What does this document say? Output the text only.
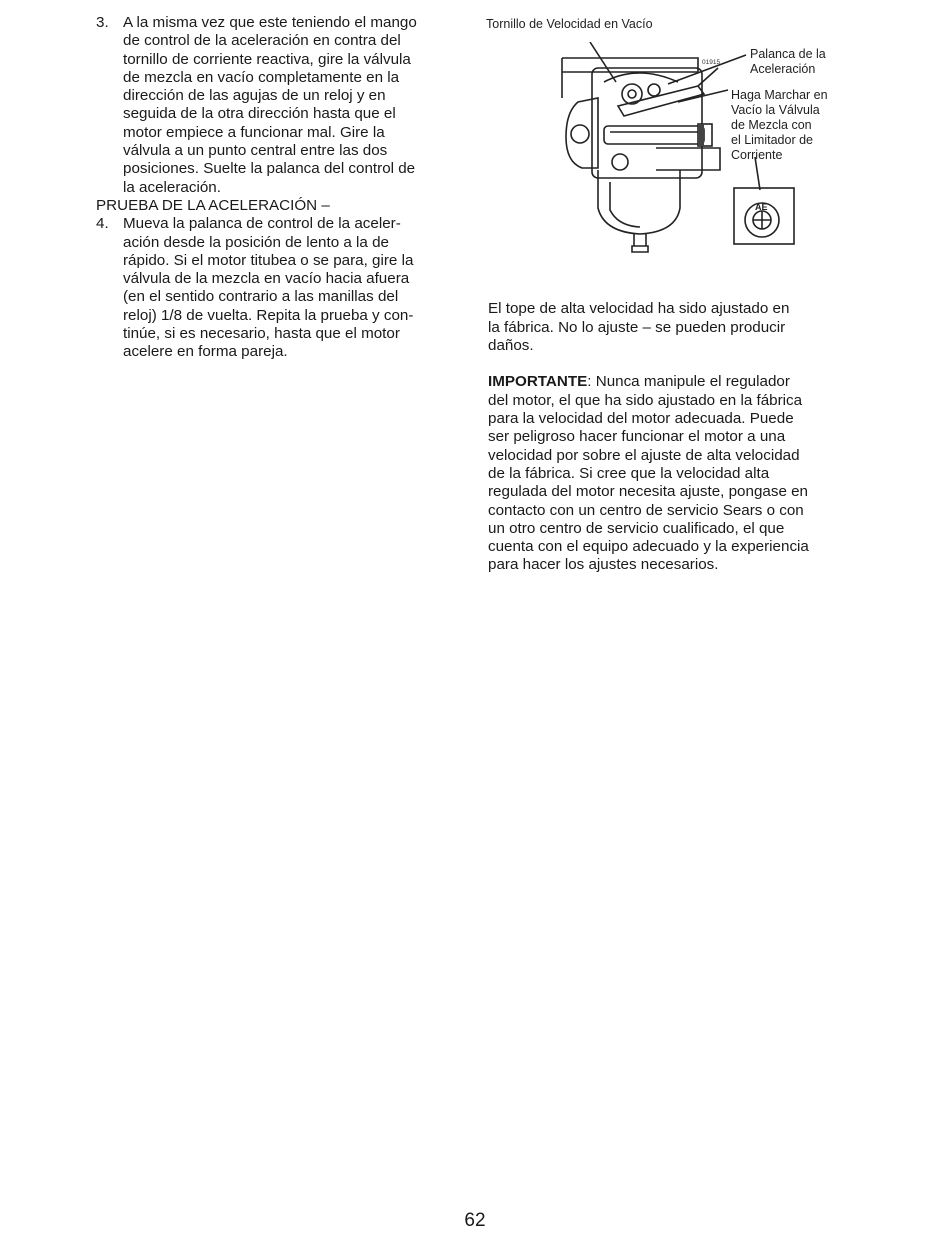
3. A la misma vez que este teniendo el mango
de control de la aceleración en contra del
tornillo de corriente reactiva, gire la válvula
de mezcla en vacío completamente en la
dirección de las agujas de un reloj y en
seguida de la otra dirección hasta que el
motor empiece a funcionar mal. Gire la
válvula a un punto central entre las dos
posiciones. Suelte la palanca del control de
la aceleración.
PRUEBA DE LA ACELERACIÓN –
4. Mueva la palanca de control de la aceler-
ación desde la posición de lento a la de
rápido. Si el motor titubea o se para, gire la
válvula de la mezcla en vacío hacia afuera
(en el sentido contrario a las manillas del
reloj) 1/8 de vuelta. Repita la prueba y con-
tinúe, si es necesario, hasta que el motor
acelere en forma pareja.
Tornillo de Velocidad en Vacío
Palanca de la
Aceleración
Haga Marchar en
Vacío la Válvula
de Mezcla con
el Limitador de
Corriente
01915
AE

El tope de alta velocidad ha sido ajustado en
la fábrica. No lo ajuste – se pueden producir
daños.

IMPORTANTE: Nunca manipule el regulador
del motor, el que ha sido ajustado en la fábrica
para la velocidad del motor adecuada. Puede
ser peligroso hacer funcionar el motor a una
velocidad por sobre el ajuste de alta velocidad
de la fábrica. Si cree que la velocidad alta
regulada del motor necesita ajuste, pongase en
contacto con un centro de servicio Sears o con
un otro centro de servicio cualificado, el que
cuenta con el equipo adecuado y la experiencia
para hacer los ajustes necesarios.

62
